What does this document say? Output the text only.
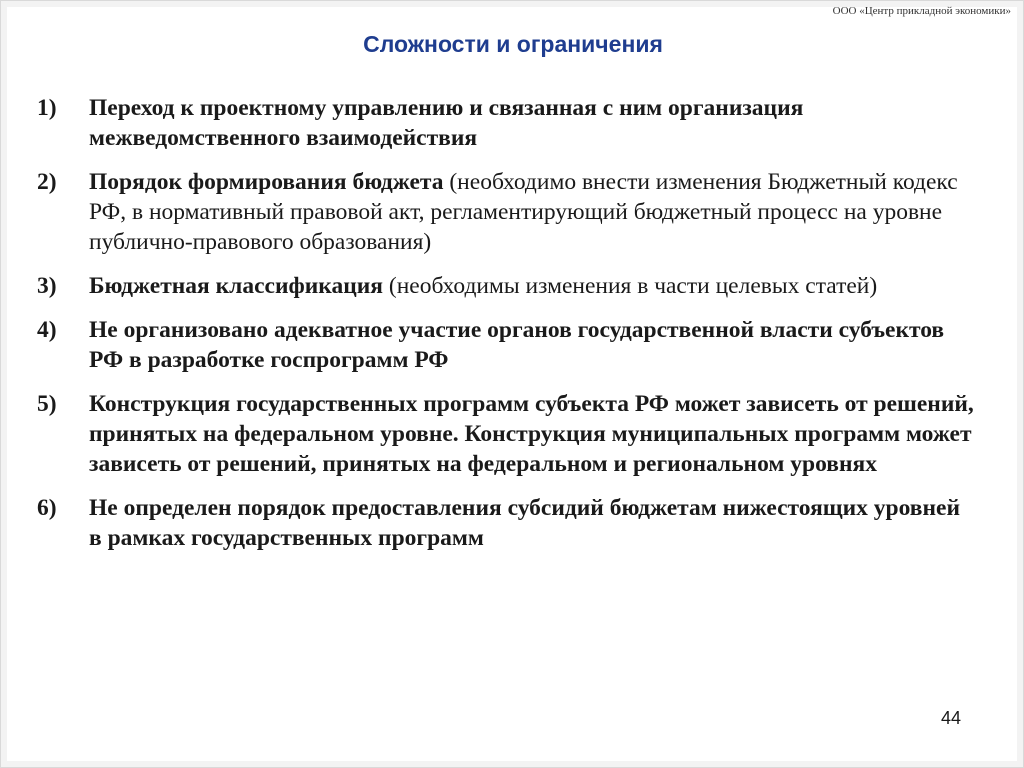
ООО «Центр прикладной экономики»
Сложности и ограничения
1)	Переход к проектному управлению и связанная с ним организация межведомственного взаимодействия
2)	Порядок формирования бюджета (необходимо внести изменения Бюджетный кодекс РФ, в нормативный правовой акт, регламентирующий бюджетный процесс на уровне публично-правового образования)
3)	Бюджетная классификация (необходимы изменения в части целевых статей)
4)	Не организовано адекватное участие органов государственной власти субъектов РФ в разработке госпрограмм РФ
5)	Конструкция государственных программ субъекта РФ может зависеть от решений, принятых на федеральном уровне. Конструкция муниципальных программ может зависеть от решений, принятых на федеральном и региональном уровнях
6)	Не определен порядок предоставления субсидий бюджетам нижестоящих уровней в рамках государственных программ
44
